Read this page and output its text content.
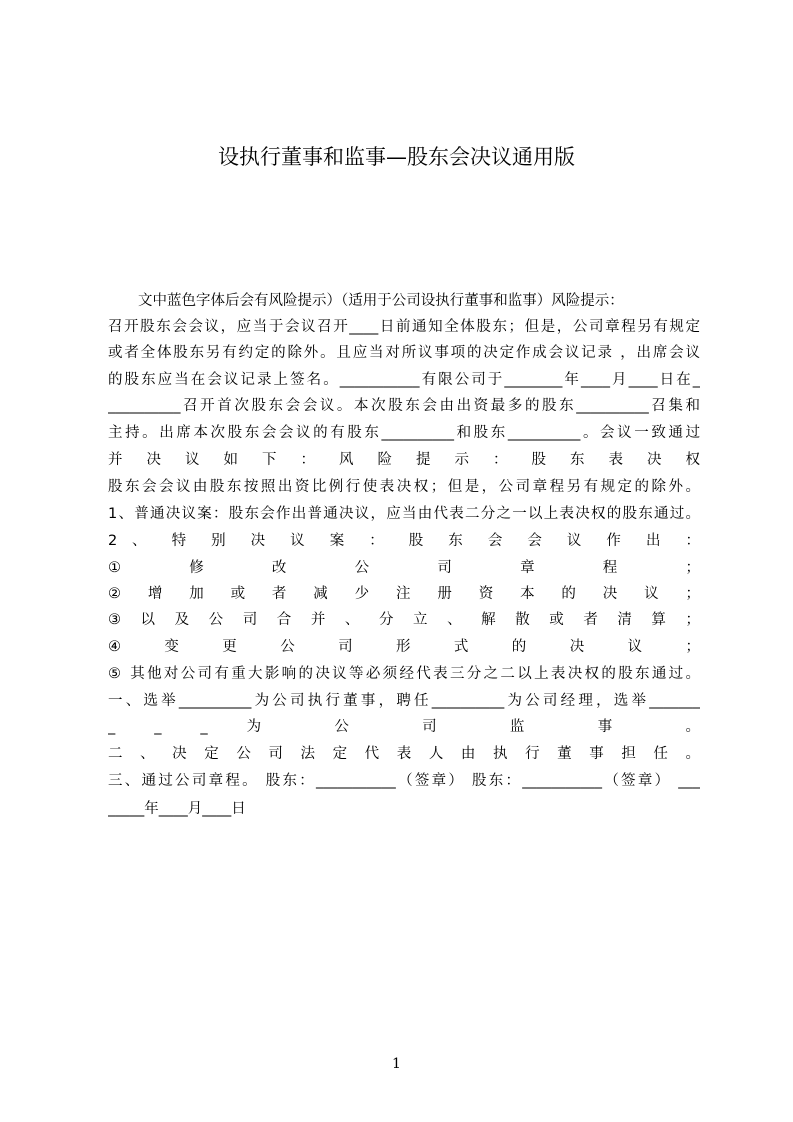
设执行董事和监事—股东会决议通用版
文中蓝色字体后会有风险提示）（适用于公司设执行董事和监事）风险提示：
召开股东会会议，应当于会议召开____日前通知全体股东；但是，公司章程另有规定
或者全体股东另有约定的除外。且应当对所议事项的决定作成会议记录 ，出席会议
的股东应当在会议记录上签名。___________有限公司于________年____月____日在_
__________召开首次股东会会议。本次股东会由出资最多的股东__________召集和
主持。出席本次股东会会议的有股东__________和股东__________。会议一致通过
并 决 议 如 下 ： 风 险 提 示 ： 股 东 表 决 权
股东会会议由股东按照出资比例行使表决权；但是，公司章程另有规定的除外。
1、普通决议案：股东会作出普通决议，应当由代表二分之一以上表决权的股东通过。
2 、 特 别 决 议 案 ： 股 东 会 会 议 作 出 ：
① 修 改 公 司 章 程 ；
② 增 加 或 者 减 少 注 册 资 本 的 决 议 ；
③ 以 及 公 司 合 并 、 分 立 、 解 散 或 者 清 算 ；
④ 变 更 公 司 形 式 的 决 议 ；
⑤ 其他对公司有重大影响的决议等必须经代表三分之二以上表决权的股东通过。
一、选举__________为公司执行董事，聘任__________为公司经理，选举_______
_ _ _ 为 公 司 监 事 。
二 、 决 定 公 司 法 定 代 表 人 由 执 行 董 事 担 任 。
三、通过公司章程。 股东：___________（签章） 股东：___________（签章） ___
_____年____月____日
1
